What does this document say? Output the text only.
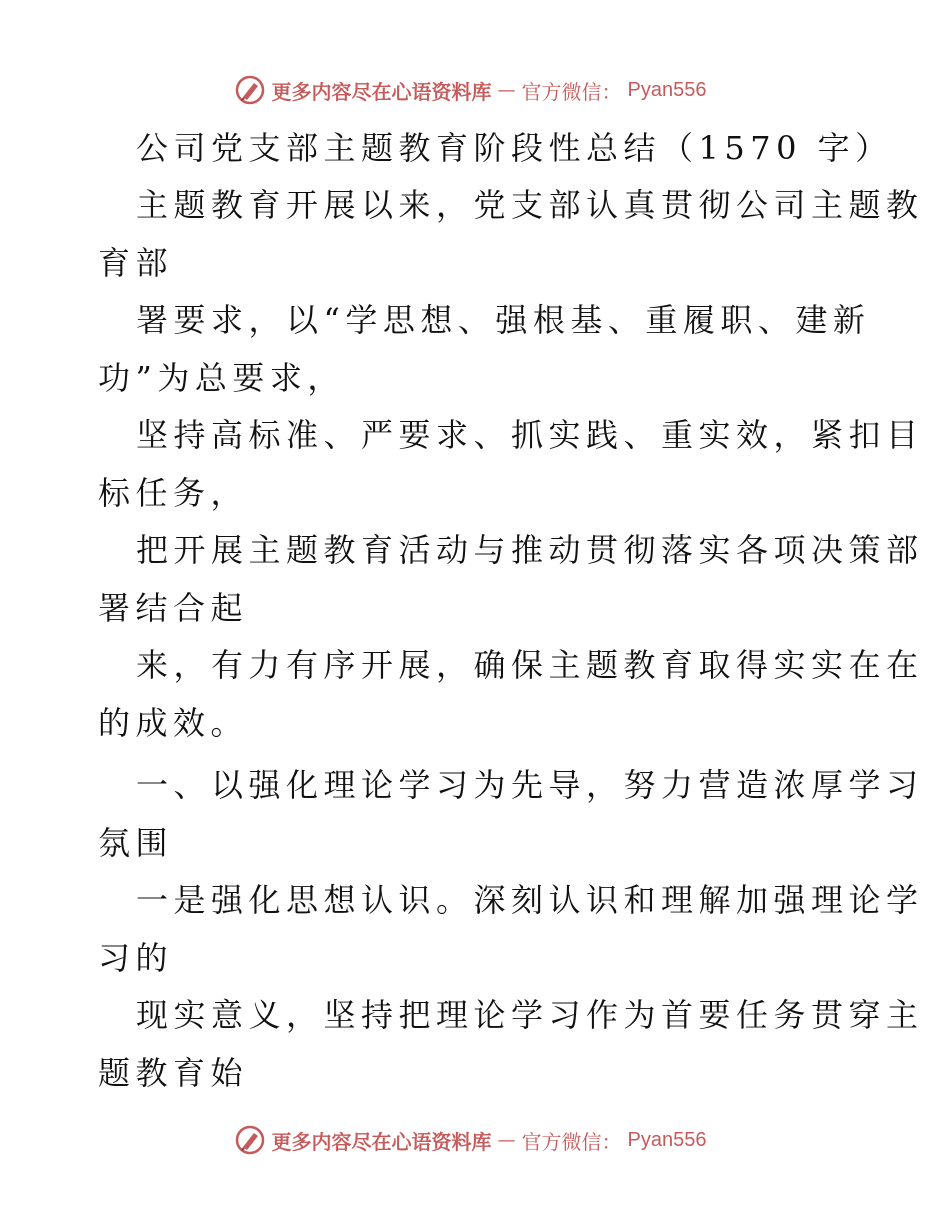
更多内容尽在心语资料库 — 官方微信： Pyan556
公司党支部主题教育阶段性总结（1570 字）
主题教育开展以来，党支部认真贯彻公司主题教
育部
署要求，以“学思想、强根基、重履职、建新
功”为总要求，
坚持高标准、严要求、抓实践、重实效，紧扣目
标任务，
把开展主题教育活动与推动贯彻落实各项决策部
署结合起
来，有力有序开展，确保主题教育取得实实在在
的成效。
一、以强化理论学习为先导，努力营造浓厚学习
氛围
一是强化思想认识。深刻认识和理解加强理论学
习的
现实意义，坚持把理论学习作为首要任务贯穿主
题教育始
更多内容尽在心语资料库 — 官方微信： Pyan556
